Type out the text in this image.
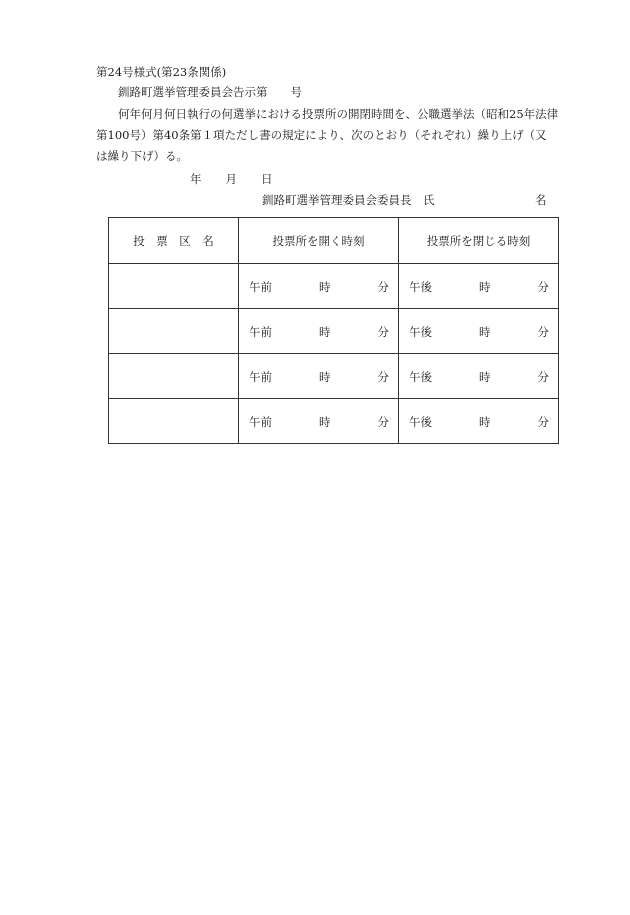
第24号様式(第23条関係)
釧路町選挙管理委員会告示第　　号
何年何月何日執行の何選挙における投票所の開閉時間を、公職選挙法（昭和25年法律
第100号）第40条第１項ただし書の規定により、次のとおり（それぞれ）繰り上げ（又
は繰り下げ）る。
年 月 日
釧路町選挙管理委員会委員長　氏	名
投　票　区　名	投票所を開く時刻	投票所を閉じる時刻

	午前 時 分	午後 時 分

	午前 時 分	午後 時 分

	午前 時 分	午後 時 分

	午前 時 分	午後 時 分
